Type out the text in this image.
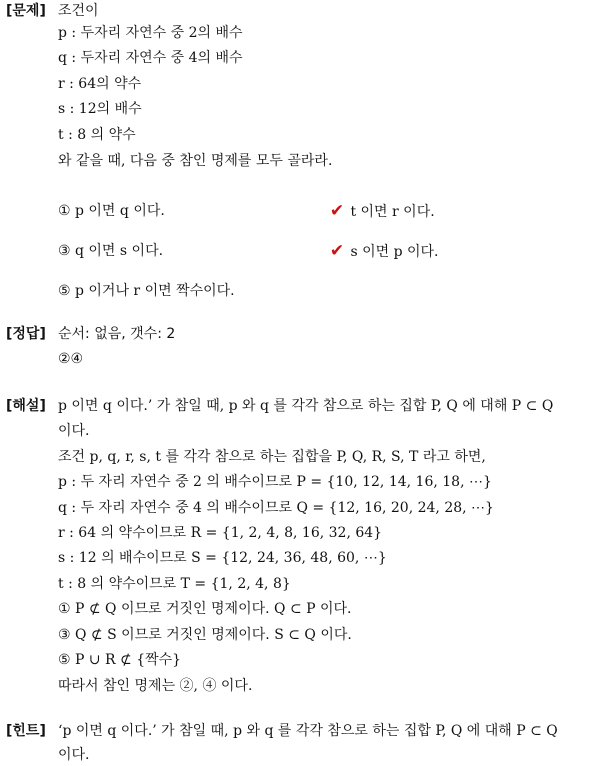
[문제] 조건이
p : 두자리 자연수 중 2의 배수
q : 두자리 자연수 중 4의 배수
r : 64의 약수
s : 12의 배수
t : 8 의 약수
와 같을 때, 다음 중 참인 명제를 모두 골라라.
① p 이면 q 이다.	✔ t 이면 r 이다.
③ q 이면 s 이다.	✔ s 이면 p 이다.
⑤ p 이거나 r 이면 짝수이다.
[정답] 순서: 없음, 갯수: 2
②④
[해설] p 이면 q 이다.’ 가 참일 때, p 와 q 를 각각 참으로 하는 집합 P, Q 에 대해 P ⊂ Q
이다.
조건 p, q, r, s, t 를 각각 참으로 하는 집합을 P, Q, R, S, T 라고 하면,
p : 두 자리 자연수 중 2 의 배수이므로 P = {10, 12, 14, 16, 18, ⋯}
q : 두 자리 자연수 중 4 의 배수이므로 Q = {12, 16, 20, 24, 28, ⋯}
r : 64 의 약수이므로 R = {1, 2, 4, 8, 16, 32, 64}
s : 12 의 배수이므로 S = {12, 24, 36, 48, 60, ⋯}
t : 8 의 약수이므로 T = {1, 2, 4, 8}
① P ⊄ Q 이므로 거짓인 명제이다. Q ⊂ P 이다.
③ Q ⊄ S 이므로 거짓인 명제이다. S ⊂ Q 이다.
⑤ P ∪ R ⊄ {짝수}
따라서 참인 명제는 ②, ④ 이다.
[힌트] ‘p 이면 q 이다.’ 가 참일 때, p 와 q 를 각각 참으로 하는 집합 P, Q 에 대해 P ⊂ Q
이다.
